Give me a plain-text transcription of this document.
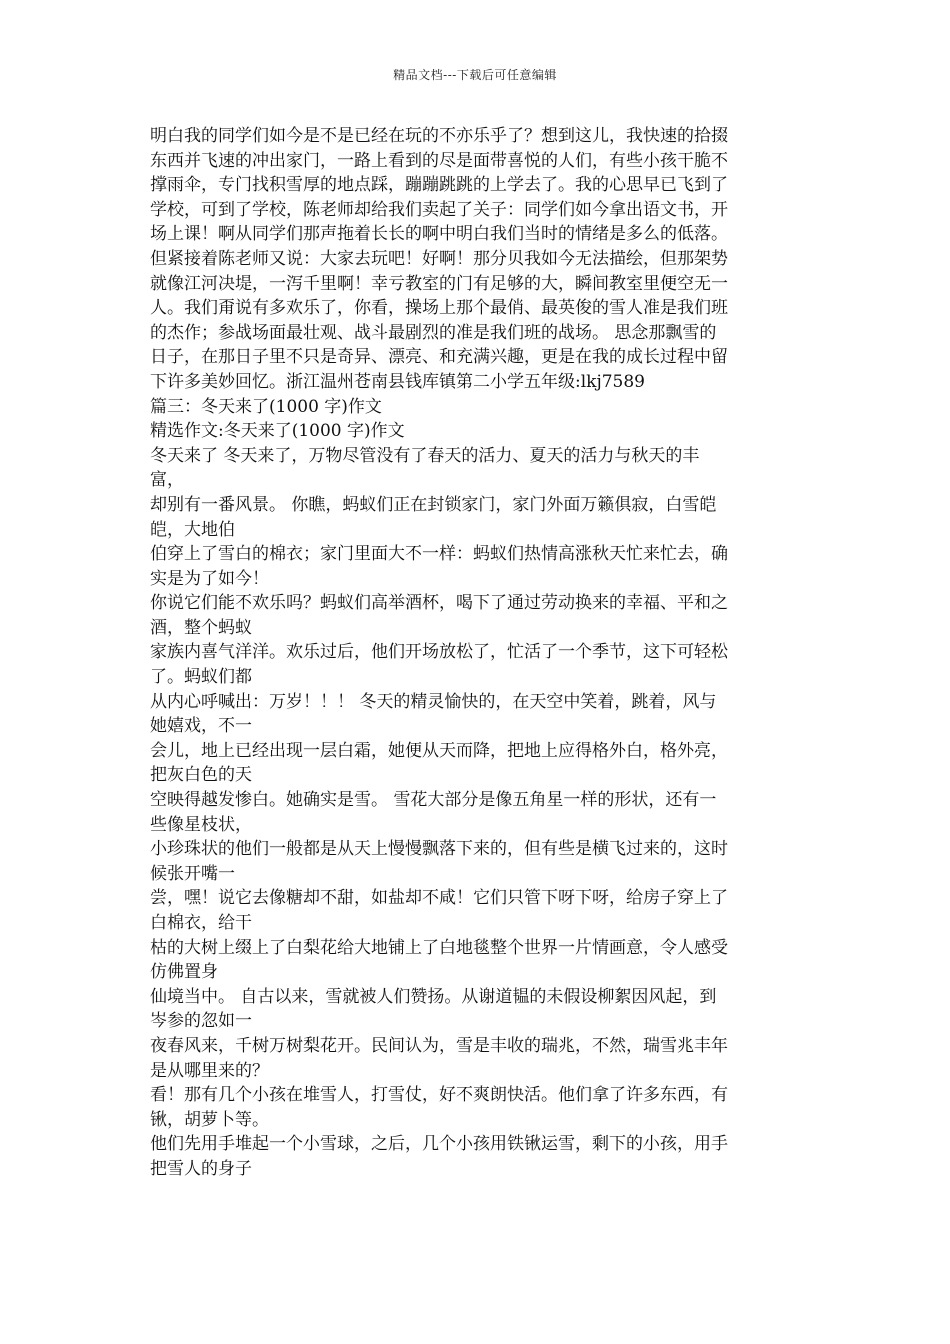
精品文档---下载后可任意编辑
明白我的同学们如今是不是已经在玩的不亦乐乎了？想到这儿，我快速的拾掇
东西并飞速的冲出家门，一路上看到的尽是面带喜悦的人们，有些小孩干脆不
撑雨伞，专门找积雪厚的地点踩，蹦蹦跳跳的上学去了。我的心思早已飞到了
学校，可到了学校，陈老师却给我们卖起了关子：同学们如今拿出语文书，开
场上课！啊从同学们那声拖着长长的啊中明白我们当时的情绪是多么的低落。
但紧接着陈老师又说：大家去玩吧！好啊！那分贝我如今无法描绘，但那架势
就像江河决堤，一泻千里啊！幸亏教室的门有足够的大，瞬间教室里便空无一
人。我们甭说有多欢乐了，你看，操场上那个最俏、最英俊的雪人准是我们班
的杰作；参战场面最壮观、战斗最剧烈的准是我们班的战场。 思念那飘雪的
日子，在那日子里不只是奇异、漂亮、和充满兴趣，更是在我的成长过程中留
下许多美妙回忆。浙江温州苍南县钱库镇第二小学五年级:lkj7589
篇三：冬天来了(1000 字)作文
精选作文:冬天来了(1000 字)作文
冬天来了 冬天来了，万物尽管没有了春天的活力、夏天的活力与秋天的丰
富，
却别有一番风景。 你瞧，蚂蚁们正在封锁家门，家门外面万籁俱寂，白雪皑
皑，大地伯
伯穿上了雪白的棉衣；家门里面大不一样：蚂蚁们热情高涨秋天忙来忙去，确
实是为了如今！
你说它们能不欢乐吗？蚂蚁们高举酒杯，喝下了通过劳动换来的幸福、平和之
酒，整个蚂蚁
家族内喜气洋洋。欢乐过后，他们开场放松了，忙活了一个季节，这下可轻松
了。蚂蚁们都
从内心呼喊出：万岁！！！ 冬天的精灵愉快的，在天空中笑着，跳着，风与
她嬉戏，不一
会儿，地上已经出现一层白霜，她便从天而降，把地上应得格外白，格外亮，
把灰白色的天
空映得越发惨白。她确实是雪。 雪花大部分是像五角星一样的形状，还有一
些像星枝状，
小珍珠状的他们一般都是从天上慢慢飘落下来的，但有些是横飞过来的，这时
候张开嘴一
尝，嘿！说它去像糖却不甜，如盐却不咸！它们只管下呀下呀，给房子穿上了
白棉衣，给干
枯的大树上缀上了白梨花给大地铺上了白地毯整个世界一片情画意，令人感受
仿佛置身
仙境当中。 自古以来，雪就被人们赞扬。从谢道韫的未假设柳絮因风起，到
岑参的忽如一
夜春风来，千树万树梨花开。民间认为，雪是丰收的瑞兆，不然，瑞雪兆丰年
是从哪里来的？
看！那有几个小孩在堆雪人，打雪仗，好不爽朗快活。他们拿了许多东西，有
锹，胡萝卜等。
他们先用手堆起一个小雪球，之后，几个小孩用铁锹运雪，剩下的小孩，用手
把雪人的身子
